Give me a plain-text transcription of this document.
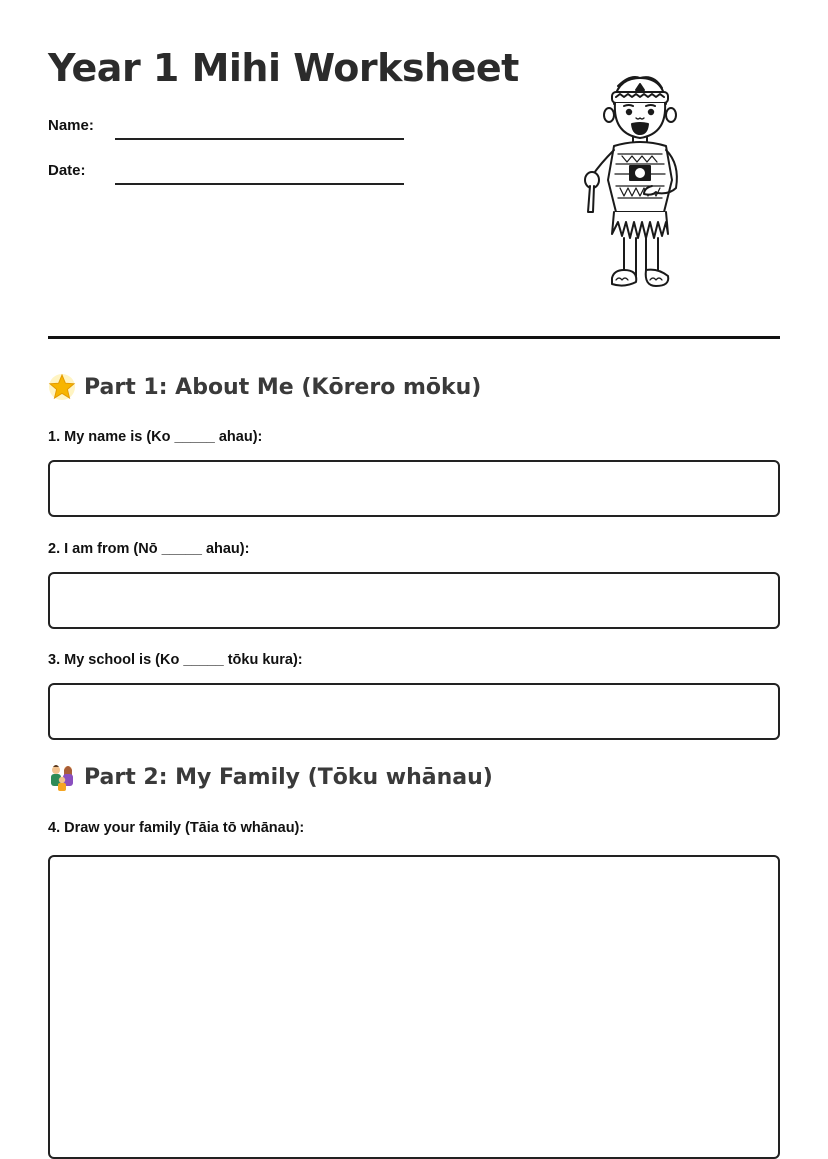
Year 1 Mihi Worksheet
Name:
Date:
Part 1: About Me (Kōrero mōku)
1. My name is (Ko _____ ahau):
2. I am from (Nō _____ ahau):
3. My school is (Ko _____ tōku kura):
Part 2: My Family (Tōku whānau)
4. Draw your family (Tāia tō whānau):
